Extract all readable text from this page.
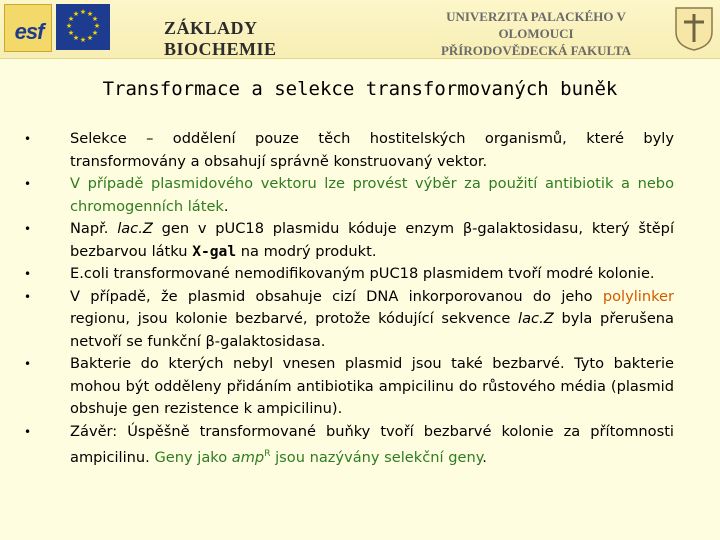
esf
★ ★
★
★
★
★
★
★
★
★
★
★
ZÁKLADY BIOCHEMIE
UNIVERZITA PALACKÉHO V OLOMOUCI
PŘÍRODOVĚDECKÁ FAKULTA
Transformace a selekce transformovaných buněk
•	Selekce – oddělení pouze těch hostitelských organismů, které byly transformovány a obsahují správně konstruovaný vektor.
•	V případě plasmidového vektoru lze provést výběr za použití antibiotik a nebo chromogenních látek.
•	Např. lac.Z gen v pUC18 plasmidu kóduje enzym β-galaktosidasu, který štěpí bezbarvou látku X-gal na modrý produkt.
•	E.coli transformované nemodifikovaným pUC18 plasmidem tvoří modré kolonie.
•	V případě, že plasmid obsahuje cizí DNA inkorporovanou do jeho polylinker regionu, jsou kolonie bezbarvé, protože kódující sekvence lac.Z byla přerušena netvoří se funkční β-galaktosidasa.
•	Bakterie do kterých nebyl vnesen plasmid jsou také bezbarvé. Tyto bakterie mohou být odděleny přidáním antibiotika ampicilinu do růstového média (plasmid obshuje gen rezistence k ampicilinu).
•	Závěr: Úspěšně transformované buňky tvoří bezbarvé kolonie za přítomnosti ampicilinu. Geny jako amp$^R$ jsou nazývány selekční geny.
